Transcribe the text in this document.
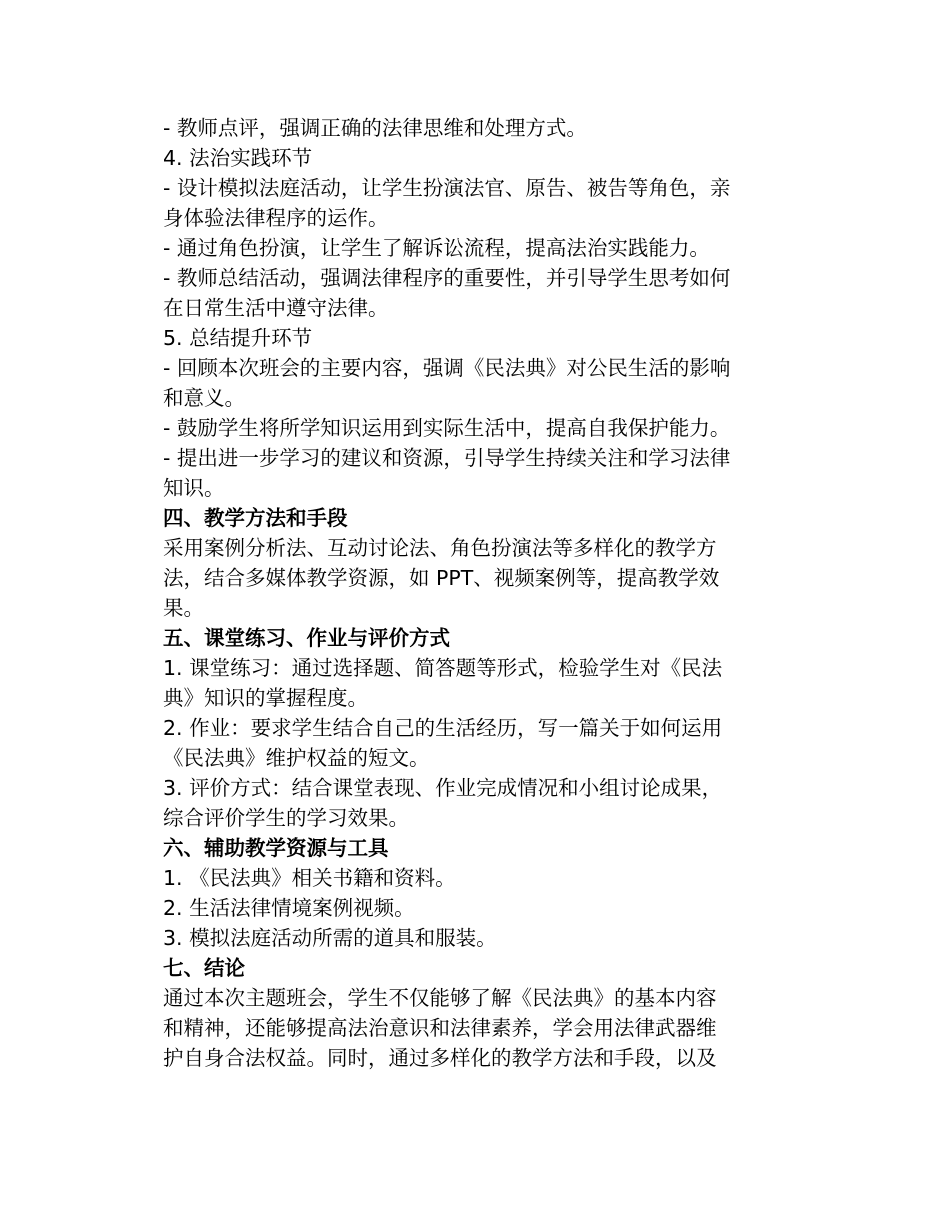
- 教师点评，强调正确的法律思维和处理方式。

4. 法治实践环节

- 设计模拟法庭活动，让学生扮演法官、原告、被告等角色，亲

身体验法律程序的运作。

- 通过角色扮演，让学生了解诉讼流程，提高法治实践能力。

- 教师总结活动，强调法律程序的重要性，并引导学生思考如何

在日常生活中遵守法律。

5. 总结提升环节

- 回顾本次班会的主要内容，强调《民法典》对公民生活的影响

和意义。

- 鼓励学生将所学知识运用到实际生活中，提高自我保护能力。

- 提出进一步学习的建议和资源，引导学生持续关注和学习法律

知识。

四、教学方法和手段

采用案例分析法、互动讨论法、角色扮演法等多样化的教学方

法，结合多媒体教学资源，如 PPT、视频案例等，提高教学效

果。

五、课堂练习、作业与评价方式

1. 课堂练习：通过选择题、简答题等形式，检验学生对《民法

典》知识的掌握程度。

2. 作业：要求学生结合自己的生活经历，写一篇关于如何运用

《民法典》维护权益的短文。

3. 评价方式：结合课堂表现、作业完成情况和小组讨论成果，

综合评价学生的学习效果。

六、辅助教学资源与工具

1. 《民法典》相关书籍和资料。

2. 生活法律情境案例视频。

3. 模拟法庭活动所需的道具和服装。

七、结论

通过本次主题班会，学生不仅能够了解《民法典》的基本内容

和精神，还能够提高法治意识和法律素养，学会用法律武器维

护自身合法权益。同时，通过多样化的教学方法和手段，以及
